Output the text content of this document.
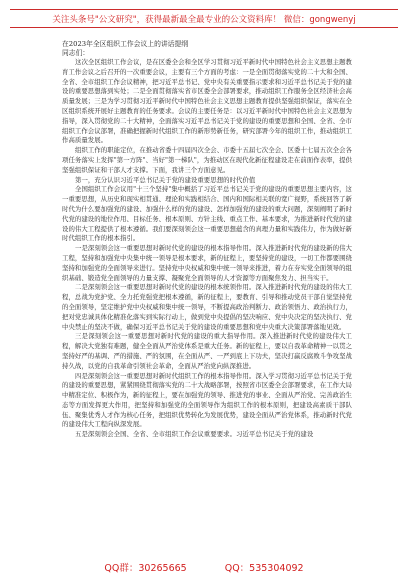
关注头条号"公文研究"，获得最新最全最专业的公文资料库！ 微信：gongwenyj

在2023年全区组织工作会议上的讲话提纲

同志们：

这次全区组织工作会议，是在区委全会和全区学习贯彻习近平新时代中国特色社会主义思想主题教育工作会议之后召开的一次重要会议，主要有三个方面的考虑：一是全面贯彻落实党的二十大和全国、全省、全市组织工作会议精神，把习近平总书记、党中央有关重要指示要求和习近平总书记关于党的建设的重要思想落到实处；二是全面贯彻落实省市区委全会部署要求，推动组织工作服务全区经济社会高质量发展；三是为学习贯彻习近平新时代中国特色社会主义思想主题教育提供坚强组织保证，落实在全区组织系统开展好主题教育的任务要求。会议的主要任务是：以习近平新时代中国特色社会主义思想为指导，深入贯彻党的二十大精神，全面落实习近平总书记关于党的建设的重要思想和全国、全省、全市组织工作会议部署，准确把握新时代组织工作的新形势新任务，研究部署今年的组织工作，推动组织工作高质量发展。

组织工作的职能定位，在推动省委十四届四次全会、市委十五届七次全会、区委十七届五次全会各项任务落实上发挥"第一方阵"、当好"第一梯队"，为推动区在现代化新征程建设走在前面作表率，提供坚强组织保证和干部人才支撑。下面，我讲三个方面意见。

第一，充分认识习近平总书记关于党的建设重要思想的时代价值

全国组织工作会议用"十三个坚持"集中概括了习近平总书记关于党的建设的重要思想主要内容，这一重要思想，从历史和现实相贯通、理论和实践相结合、国内和国际相关联的宽广视野，系统回答了新时代为什么要加强党的建设、加强什么样的党的建设、怎样加强党的建设的重大问题，深刻阐明了新时代党的建设的地位作用、目标任务、根本原则、方针主线、重点工作、基本要求，为推进新时代党的建设的伟大工程提供了根本遵循。我们要深刻领会这一重要思想蕴含的真理力量和实践伟力，作为做好新时代组织工作的根本指引。

一是深刻领会这一重要思想对新时代党的建设的根本指导作用。深入推进新时代党的建设新的伟大工程，坚持和加强党中央集中统一领导是根本要求，新的征程上，要坚持党的建设，一切工作都要围绕坚持和加强党的全面领导来进行。坚持党中央权威和集中统一领导来推进，着力在夯实党全面领导的组织基础、锻造党全面领导的力量支撑、凝聚党全面领导的人才资源等方面聚焦发力、担当实干。

二是深刻领会这一重要思想对新时代党的建设的根本统领作用。深入推进新时代党的建设的伟大工程，总战为党护党、全力托党强党把根本遵循，新的征程上，要教育、引导和推动党员干部自觉坚持党的全面领导，坚定维护党中央权威和集中统一领导，不断提高政治判断力、政治领悟力、政治执行力，把对党忠诚具体化精准化落实到实际行动上，做到党中央提倡的坚决响应、党中央决定的坚决执行、党中央禁止的坚决不做，确保习近平总书记关于党的建设的重要思想和党中央重大决策部署落地见效。

三是深刻领会这一重要思想对新时代党的建设的重大指导作用。深入推进新时代党的建设伟大工程，解决大党独有难题，健全全面从严治党体系是重大任务。新的征程上，要以自我革命精神一以贯之坚持好严的基调、严的措施、严的氛围，在全面从严、一严到底上下功夫，坚决打赢反腐败斗争攻坚战持久战，以党的自我革命引领社会革命，全面从严治党向纵深推进。

四是深刻领会这一重要思想对新时代组织工作的根本指导作用。深入学习贯彻习近平总书记关于党的建设的重要思想，紧紧围绕贯彻落实党的二十大战略部署，按照省市区委全会部署要求，在工作大局中精准定位、积极作为，新的征程上，要在加强党的领导、推进党的事业、全面从严治党、完善政治生态等方面发挥更大作用，把坚持和加强党的全面领导作为组织工作的根本原则，把建设高素质干部队伍、聚集优秀人才作为核心任务，把组织优势转化为发展优势，建设全面从严治党体系，推动新时代党的建设伟大工程向纵深发展。

五是深刻领会全国、全省、全市组织工作会议重要要求。习近平总书记关于党的建设

QQ群：30265665	QQ：535304092
